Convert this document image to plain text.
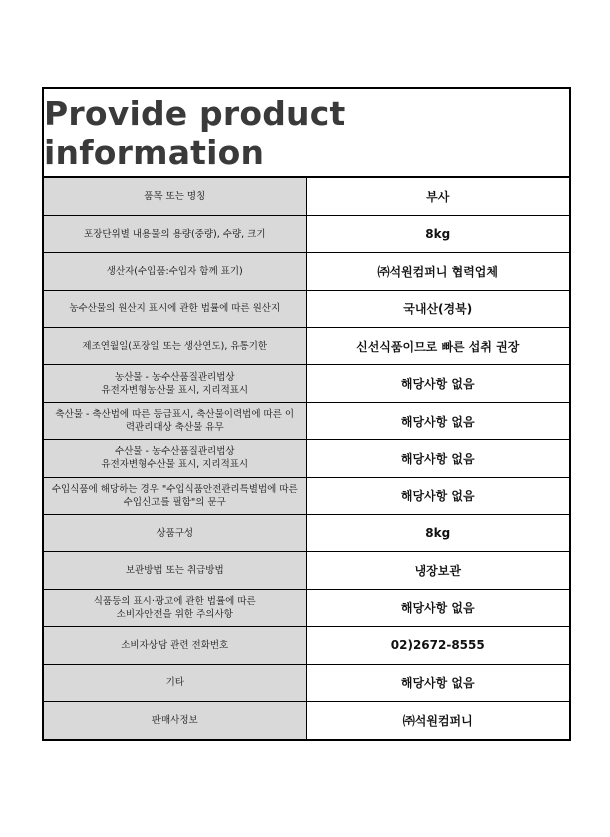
Provide product information
품목 또는 명칭	부사

포장단위별 내용물의 용량(중량), 수량, 크기	8kg

생산자(수입품:수입자 함께 표기)	㈜석원컴퍼니 협력업체

농수산물의 원산지 표시에 관한 법률에 따른 원산지	국내산(경북)

제조연월일(포장일 또는 생산연도), 유통기한	신선식품이므로 빠른 섭취 권장

농산물 - 농수산품질관리법상
유전자변형농산물 표시, 지리적표시	해당사항 없음

축산물 - 축산법에 따른 등급표시, 축산물이력법에 따른 이
력관리대상 축산물 유무	해당사항 없음

수산물 - 농수산품질관리법상
유전자변형수산물 표시, 지리적표시	해당사항 없음

수입식품에 해당하는 경우 "수입식품안전관리특별법에 따른
수입신고를 필함"의 문구	해당사항 없음

상품구성	8kg

보관방법 또는 취급방법	냉장보관

식품등의 표시·광고에 관한 법률에 따른
소비자안전을 위한 주의사항	해당사항 없음

소비자상담 관련 전화번호	02)2672-8555

기타	해당사항 없음

판매사정보	㈜석원컴퍼니
